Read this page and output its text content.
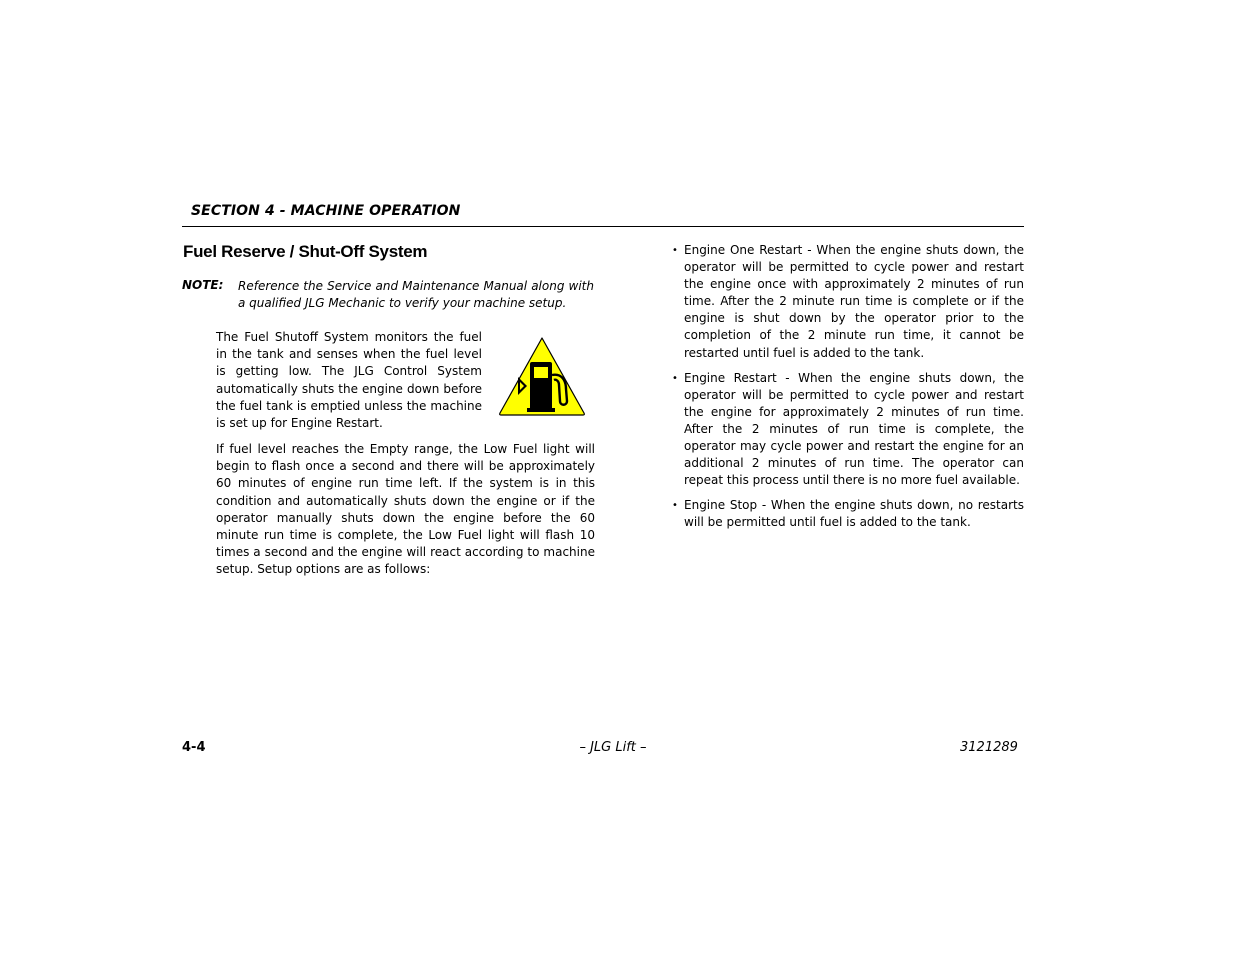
SECTION 4 - MACHINE OPERATION
Fuel Reserve / Shut-Off System
NOTE: Reference the Service and Maintenance Manual along with a qualified JLG Mechanic to verify your machine setup.
The Fuel Shutoff System monitors the fuel in the tank and senses when the fuel level is getting low. The JLG Control System automatically shuts the engine down before the fuel tank is emptied unless the machine is set up for Engine Restart.
If fuel level reaches the Empty range, the Low Fuel light will begin to flash once a second and there will be approximately 60 minutes of engine run time left. If the system is in this condition and automatically shuts down the engine or if the operator manually shuts down the engine before the 60 minute run time is complete, the Low Fuel light will flash 10 times a second and the engine will react according to machine setup. Setup options are as follows:
• Engine One Restart - When the engine shuts down, the operator will be permitted to cycle power and restart the engine once with approximately 2 minutes of run time. After the 2 minute run time is complete or if the engine is shut down by the operator prior to the completion of the 2 minute run time, it cannot be restarted until fuel is added to the tank.
• Engine Restart - When the engine shuts down, the operator will be permitted to cycle power and restart the engine for approximately 2 minutes of run time. After the 2 minutes of run time is complete, the operator may cycle power and restart the engine for an additional 2 minutes of run time. The operator can repeat this process until there is no more fuel available.
• Engine Stop - When the engine shuts down, no restarts will be permitted until fuel is added to the tank.
4-4	– JLG Lift –	3121289
